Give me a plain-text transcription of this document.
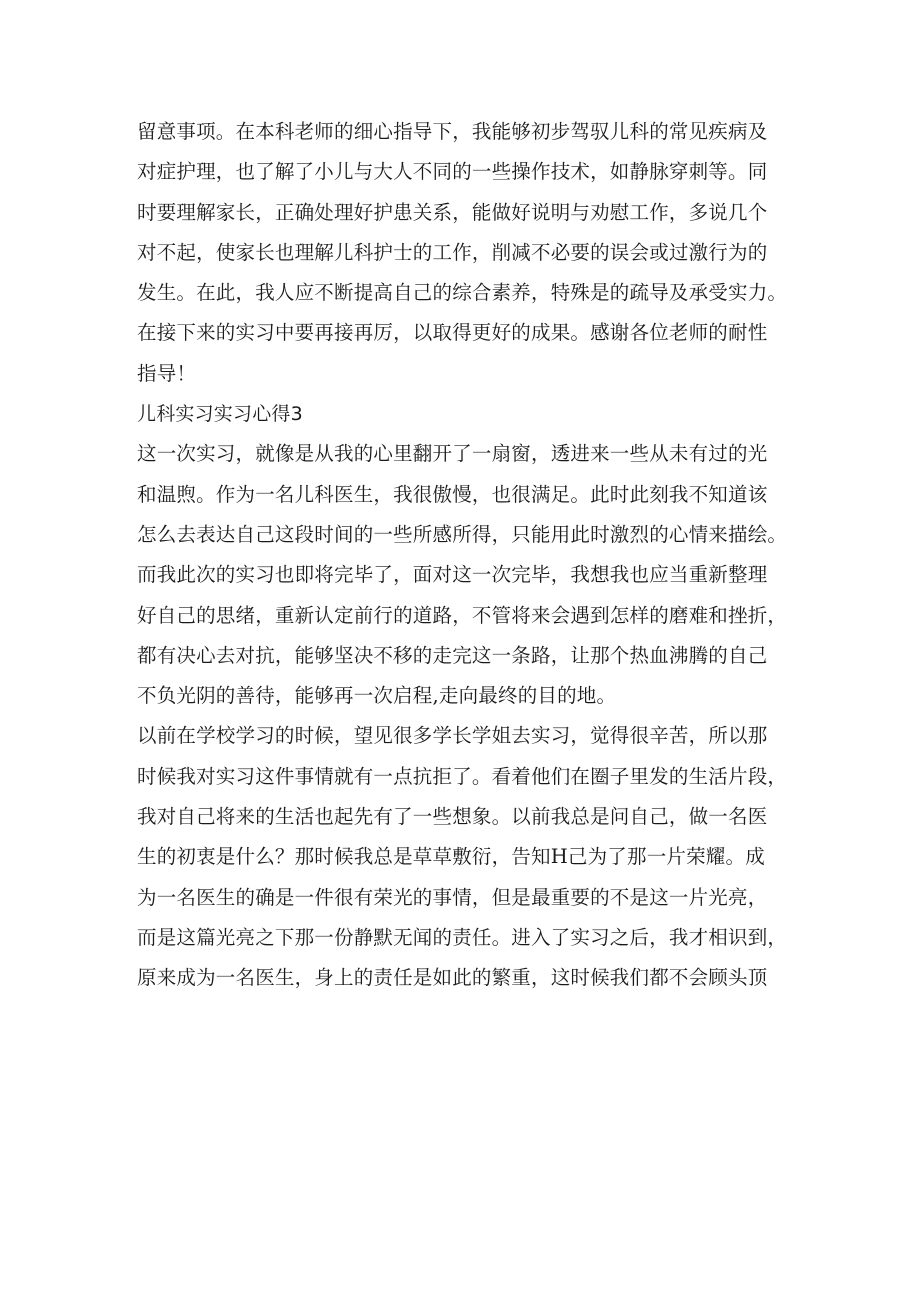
留意事项。在本科老师的细心指导下，我能够初步驾驭儿科的常见疾病及
对症护理，也了解了小儿与大人不同的一些操作技术，如静脉穿刺等。同
时要理解家长，正确处理好护患关系，能做好说明与劝慰工作，多说几个
对不起，使家长也理解儿科护士的工作，削减不必要的误会或过激行为的
发生。在此，我人应不断提高自己的综合素养，特殊是的疏导及承受实力。
在接下来的实习中要再接再厉，以取得更好的成果。感谢各位老师的耐性
指导！
儿科实习实习心得3
这一次实习，就像是从我的心里翻开了一扇窗，透进来一些从未有过的光
和温煦。作为一名儿科医生，我很傲慢，也很满足。此时此刻我不知道该
怎么去表达自己这段时间的一些所感所得，只能用此时激烈的心情来描绘。
而我此次的实习也即将完毕了，面对这一次完毕，我想我也应当重新整理
好自己的思绪，重新认定前行的道路，不管将来会遇到怎样的磨难和挫折，
都有决心去对抗，能够坚决不移的走完这一条路，让那个热血沸腾的自己
不负光阴的善待，能够再一次启程,走向最终的目的地。
以前在学校学习的时候，望见很多学长学姐去实习，觉得很辛苦，所以那
时候我对实习这件事情就有一点抗拒了。看着他们在圈子里发的生活片段，
我对自己将来的生活也起先有了一些想象。以前我总是问自己，做一名医
生的初衷是什么？那时候我总是草草敷衍，告知H己为了那一片荣耀。成
为一名医生的确是一件很有荣光的事情，但是最重要的不是这一片光亮，
而是这篇光亮之下那一份静默无闻的责任。进入了实习之后，我才相识到，
原来成为一名医生，身上的责任是如此的繁重，这时候我们都不会顾头顶
